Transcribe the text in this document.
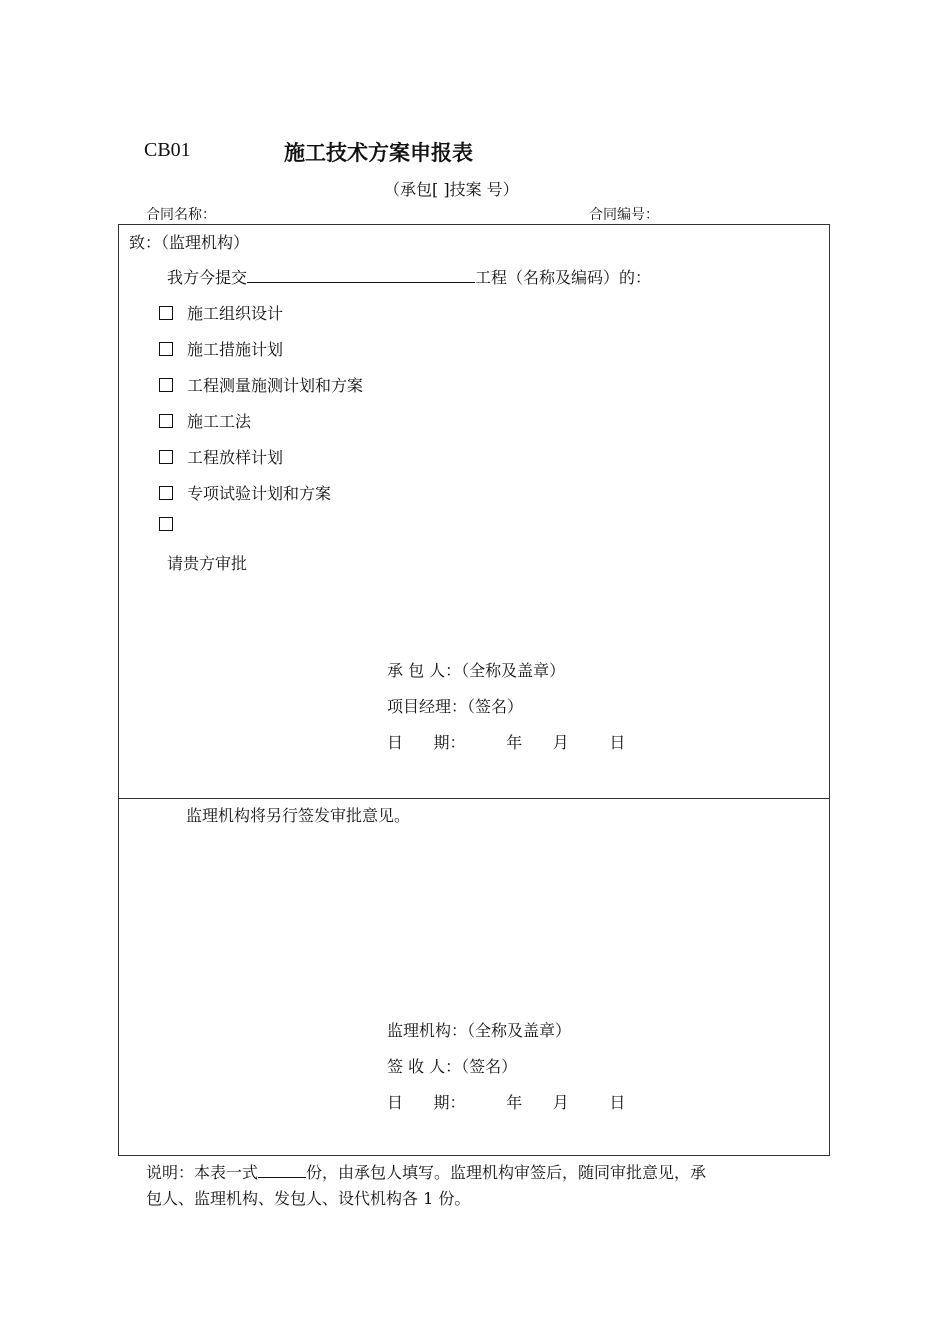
CB01	施工技术方案申报表
（承包[ ]技案 号）
合同名称：	合同编号：
致：（监理机构）
我方今提交	工程（名称及编码）的：
施工组织设计
施工措施计划
工程测量施测计划和方案
施工工法
工程放样计划
专项试验计划和方案
请贵方审批
承 包 人：（全称及盖章）
项目经理：（签名）
日      期：        年      月        日
监理机构将另行签发审批意见。
监理机构：（全称及盖章）
签 收 人：（签名）
日      期：        年      月        日
说明：本表一式	份，由承包人填写。监理机构审签后，随同审批意见，承
包人、监理机构、发包人、设代机构各 1 份。
